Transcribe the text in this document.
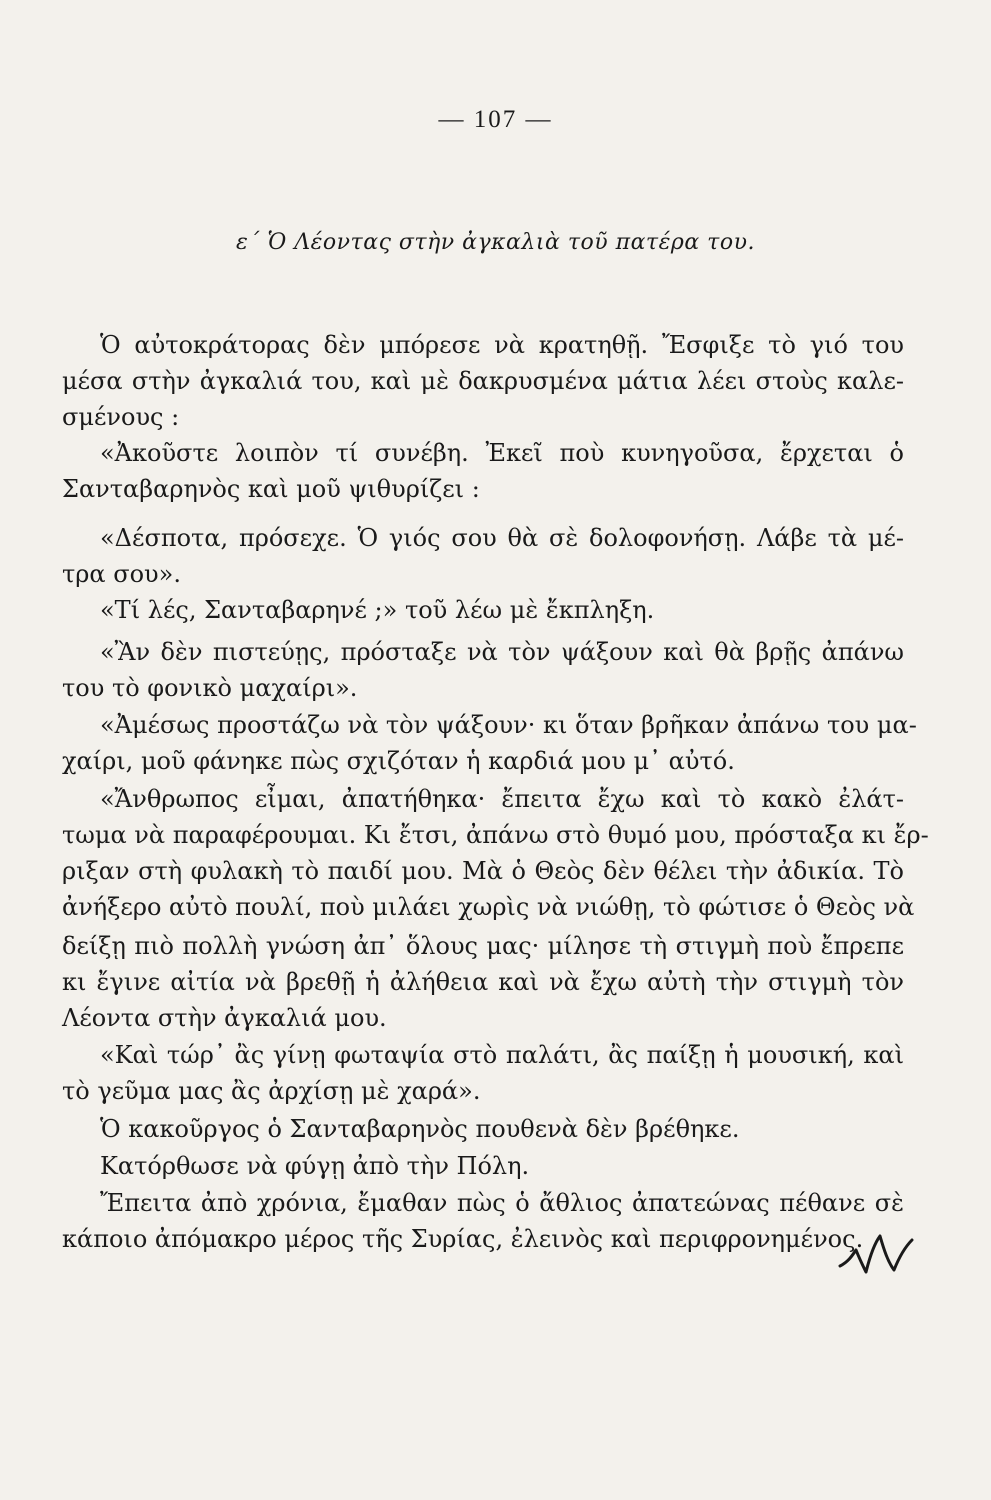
— 107 —
ε΄ Ὁ Λέοντας στὴν ἀγκαλιὰ τοῦ πατέρα του.
Ὁ αὐτοκράτορας δὲν μπόρεσε νὰ κρατηθῇ. Ἔσφιξε τὸ γιό του
μέσα στὴν ἀγκαλιά του, καὶ μὲ δακρυσμένα μάτια λέει στοὺς καλε-
σμένους :
«Ἀκοῦστε λοιπὸν τί συνέβη. Ἐκεῖ ποὺ κυνηγοῦσα, ἔρχεται ὁ
Σανταβαρηνὸς καὶ μοῦ ψιθυρίζει :
«Δέσποτα, πρόσεχε. Ὁ γιός σου θὰ σὲ δολοφονήσῃ. Λάβε τὰ μέ-
τρα σου».
«Τί λές, Σανταβαρηνέ ;» τοῦ λέω μὲ ἔκπληξη.
«Ἂν δὲν πιστεύῃς, πρόσταξε νὰ τὸν ψάξουν καὶ θὰ βρῇς ἀπάνω
του τὸ φονικὸ μαχαίρι».
«Ἀμέσως προστάζω νὰ τὸν ψάξουν· κι ὅταν βρῆκαν ἀπάνω του μα-
χαίρι, μοῦ φάνηκε πὼς σχιζόταν ἡ καρδιά μου μ᾽ αὐτό.
«Ἄνθρωπος εἶμαι, ἀπατήθηκα· ἔπειτα ἔχω καὶ τὸ κακὸ ἐλάτ-
τωμα νὰ παραφέρουμαι. Κι ἔτσι, ἀπάνω στὸ θυμό μου, πρόσταξα κι ἔρ-
ριξαν στὴ φυλακὴ τὸ παιδί μου. Μὰ ὁ Θεὸς δὲν θέλει τὴν ἀδικία. Τὸ
ἀνήξερο αὐτὸ πουλί, ποὺ μιλάει χωρὶς νὰ νιώθῃ, τὸ φώτισε ὁ Θεὸς νὰ
δείξῃ πιὸ πολλὴ γνώση ἀπ᾽ ὅλους μας· μίλησε τὴ στιγμὴ ποὺ ἔπρεπε
κι ἔγινε αἰτία νὰ βρεθῇ ἡ ἀλήθεια καὶ νὰ ἔχω αὐτὴ τὴν στιγμὴ τὸν
Λέοντα στὴν ἀγκαλιά μου.
«Καὶ τώρ᾽ ἂς γίνῃ φωταψία στὸ παλάτι, ἂς παίξῃ ἡ μουσική, καὶ
τὸ γεῦμα μας ἂς ἀρχίσῃ μὲ χαρά».
Ὁ κακοῦργος ὁ Σανταβαρηνὸς πουθενὰ δὲν βρέθηκε.
Κατόρθωσε νὰ φύγῃ ἀπὸ τὴν Πόλη.
Ἔπειτα ἀπὸ χρόνια, ἔμαθαν πὼς ὁ ἄθλιος ἀπατεώνας πέθανε σὲ
κάποιο ἀπόμακρο μέρος τῆς Συρίας, ἐλεινὸς καὶ περιφρονημένος.
